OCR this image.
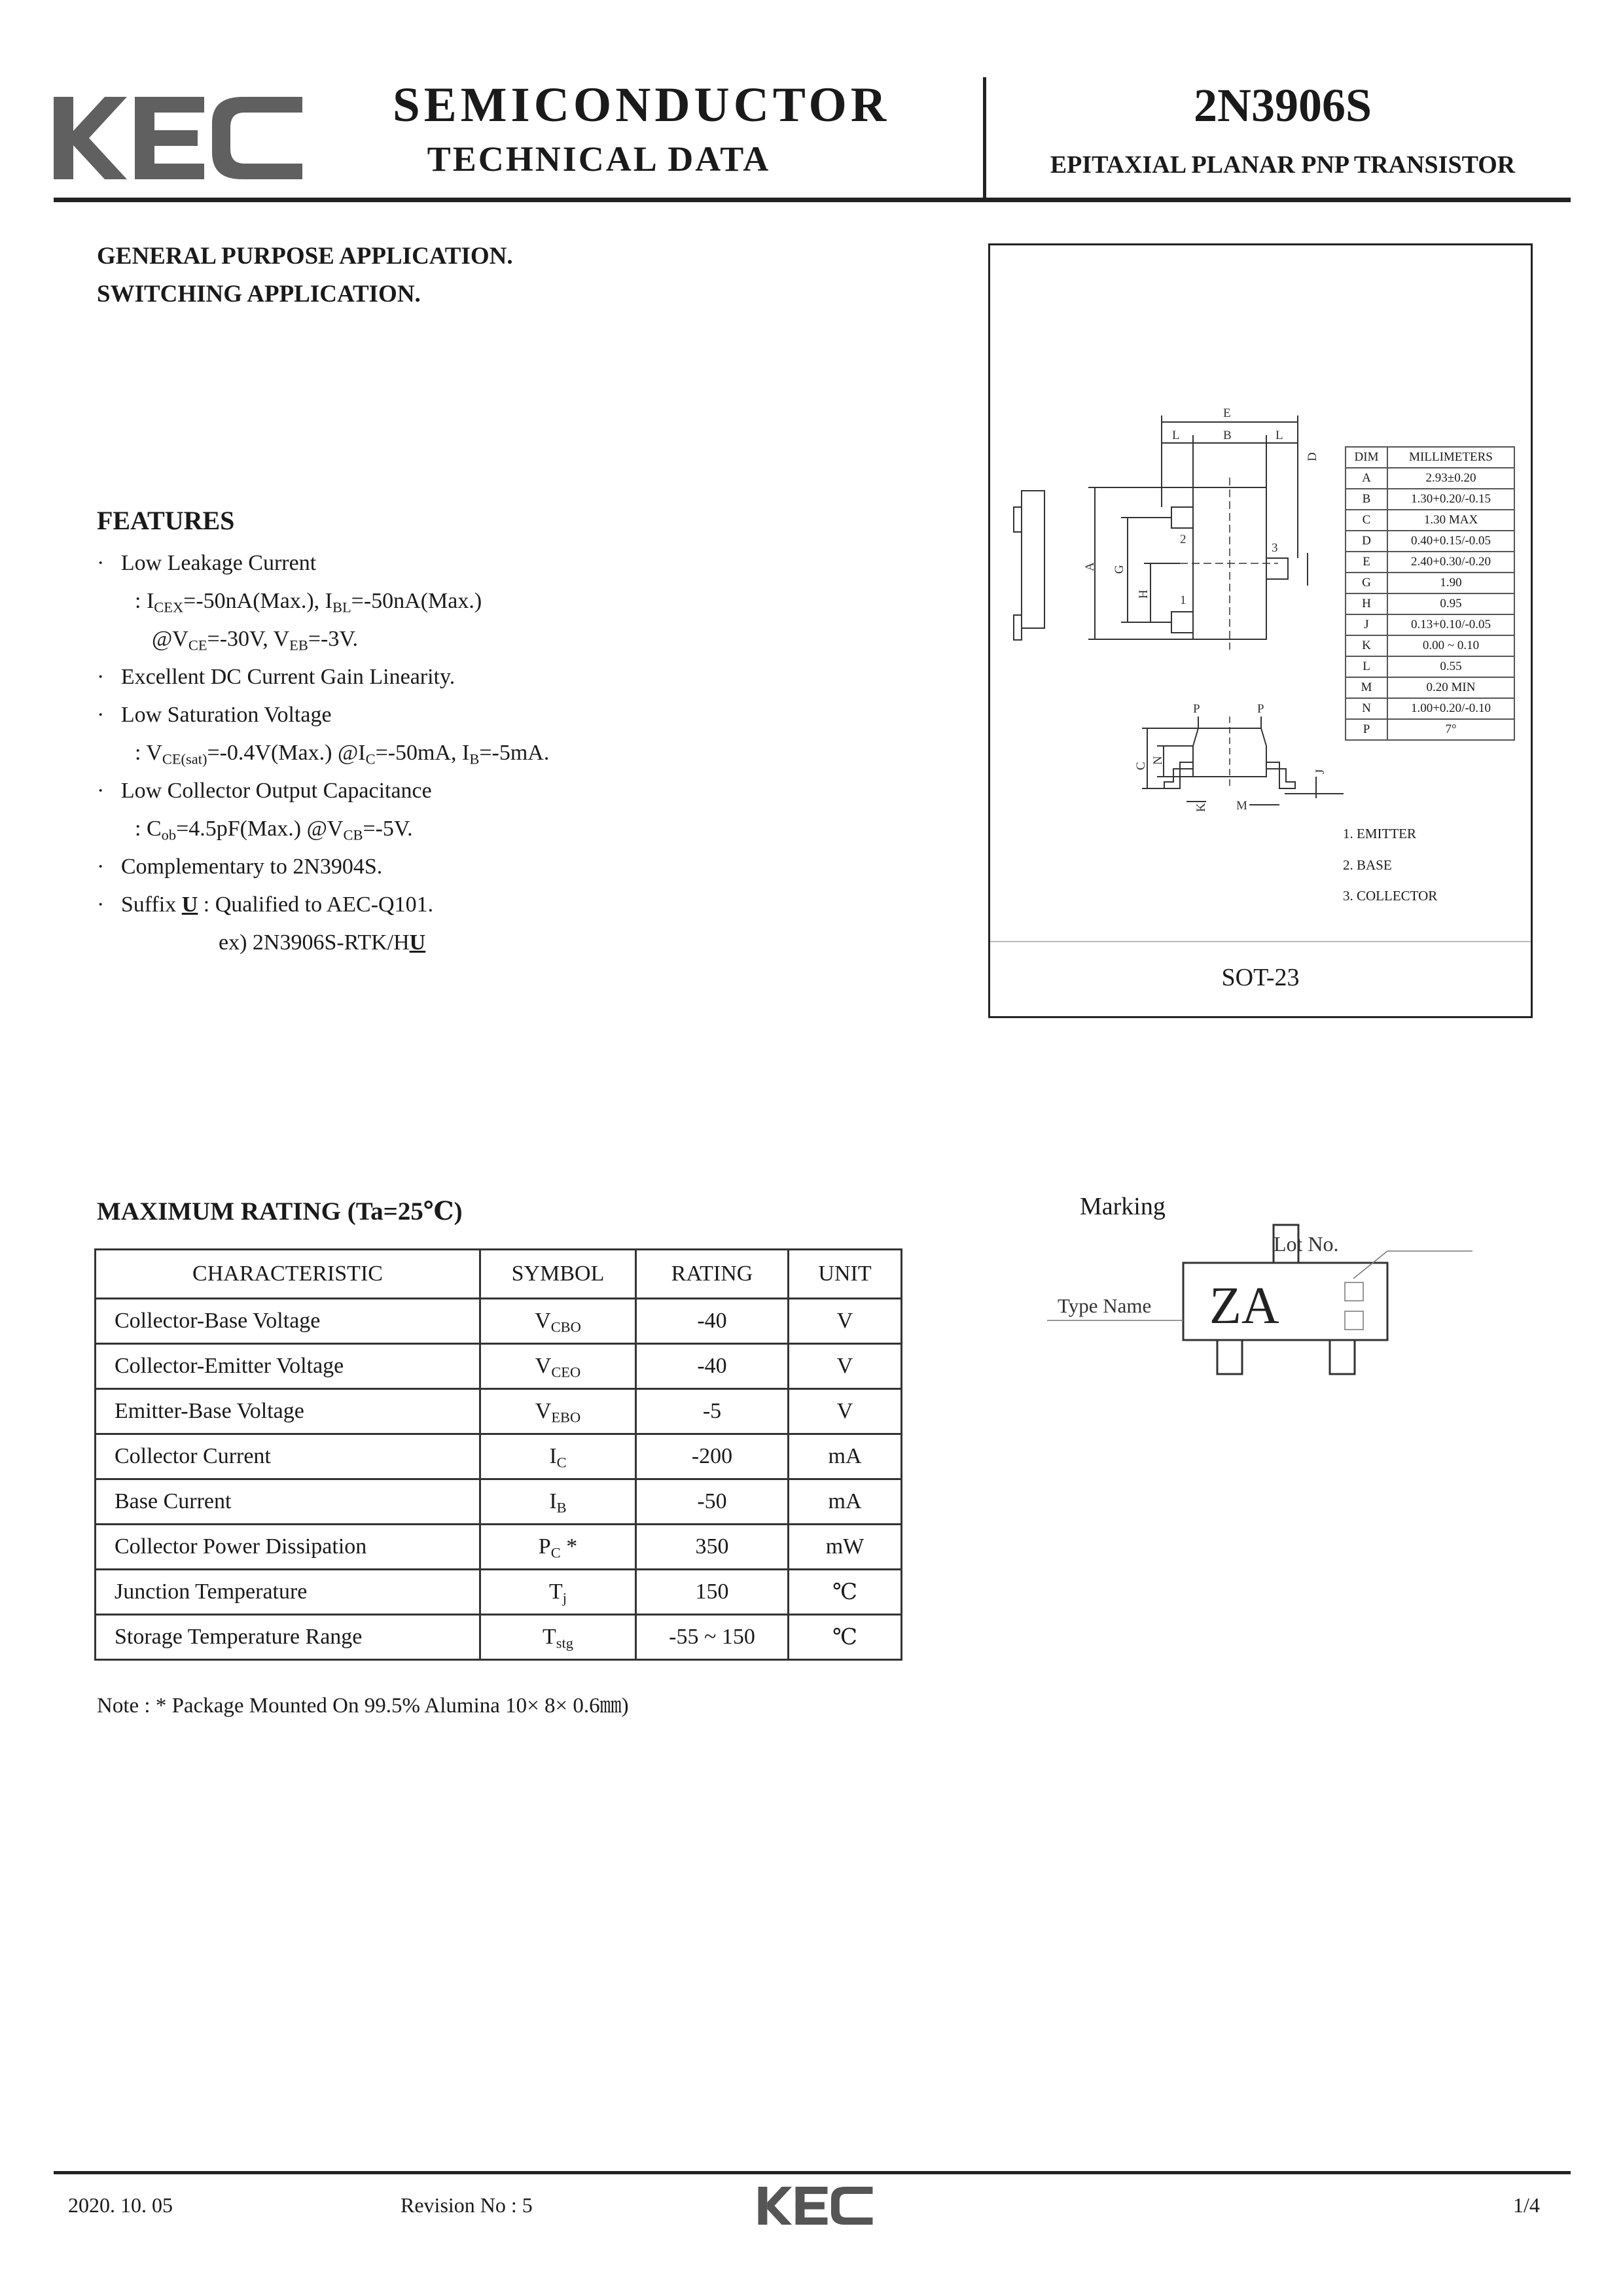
SEMICONDUCTOR
TECHNICAL DATA
2N3906S
EPITAXIAL PLANAR PNP TRANSISTOR
GENERAL PURPOSE APPLICATION.
SWITCHING APPLICATION.
FEATURES
· Low Leakage Current
: $I_{CEX}=-50nA(Max.)$, $I_{BL}=-50nA(Max.)$
$@V_{CE}=-30V$, $V_{EB}=-3V$.
· Excellent DC Current Gain Linearity.
· Low Saturation Voltage
: $V_{CE(sat)}=-0.4V(Max.)$ $@I_C=-50mA$, $I_B=-5mA$.
· Low Collector Output Capacitance
: $C_{ob}=4.5pF(Max.)$ $@V_{CB}=-5V$.
· Complementary to 2N3904S.
· Suffix U : Qualified to AEC-Q101.
ex) 2N3906S-RTK/HU
E
L	B	L
D
A G
H
2
1
3
P	P
C
N
J
K M
DIM	MILLIMETERS
A	2.93±0.20
B	1.30+0.20/-0.15
C	1.30 MAX
D	0.40+0.15/-0.05
E	2.40+0.30/-0.20
G	1.90
H	0.95
J	0.13+0.10/-0.05
K	0.00 ~ 0.10
L	0.55
M	0.20 MIN
N	1.00+0.20/-0.10
P	7°
1. EMITTER
2. BASE
3. COLLECTOR
SOT-23
MAXIMUM RATING (Ta=25℃)
CHARACTERISTIC	SYMBOL	RATING	UNIT
Collector-Base Voltage	$V_{CBO}$	-40	V
Collector-Emitter Voltage	$V_{CEO}$	-40	V
Emitter-Base Voltage	$V_{EBO}$	-5	V
Collector Current	$I_C$	-200	mA
Base Current	$I_B$	-50	mA
Collector Power Dissipation	$P_C$ *	350	mW
Junction Temperature	$T_j$	150	℃
Storage Temperature Range	$T_{stg}$	-55 ~ 150	℃
Note : * Package Mounted On 99.5% Alumina 10× 8× 0.6㎜)
Marking
Lot No.
Type Name ZA
2020. 10. 05	Revision No : 5	1/4
